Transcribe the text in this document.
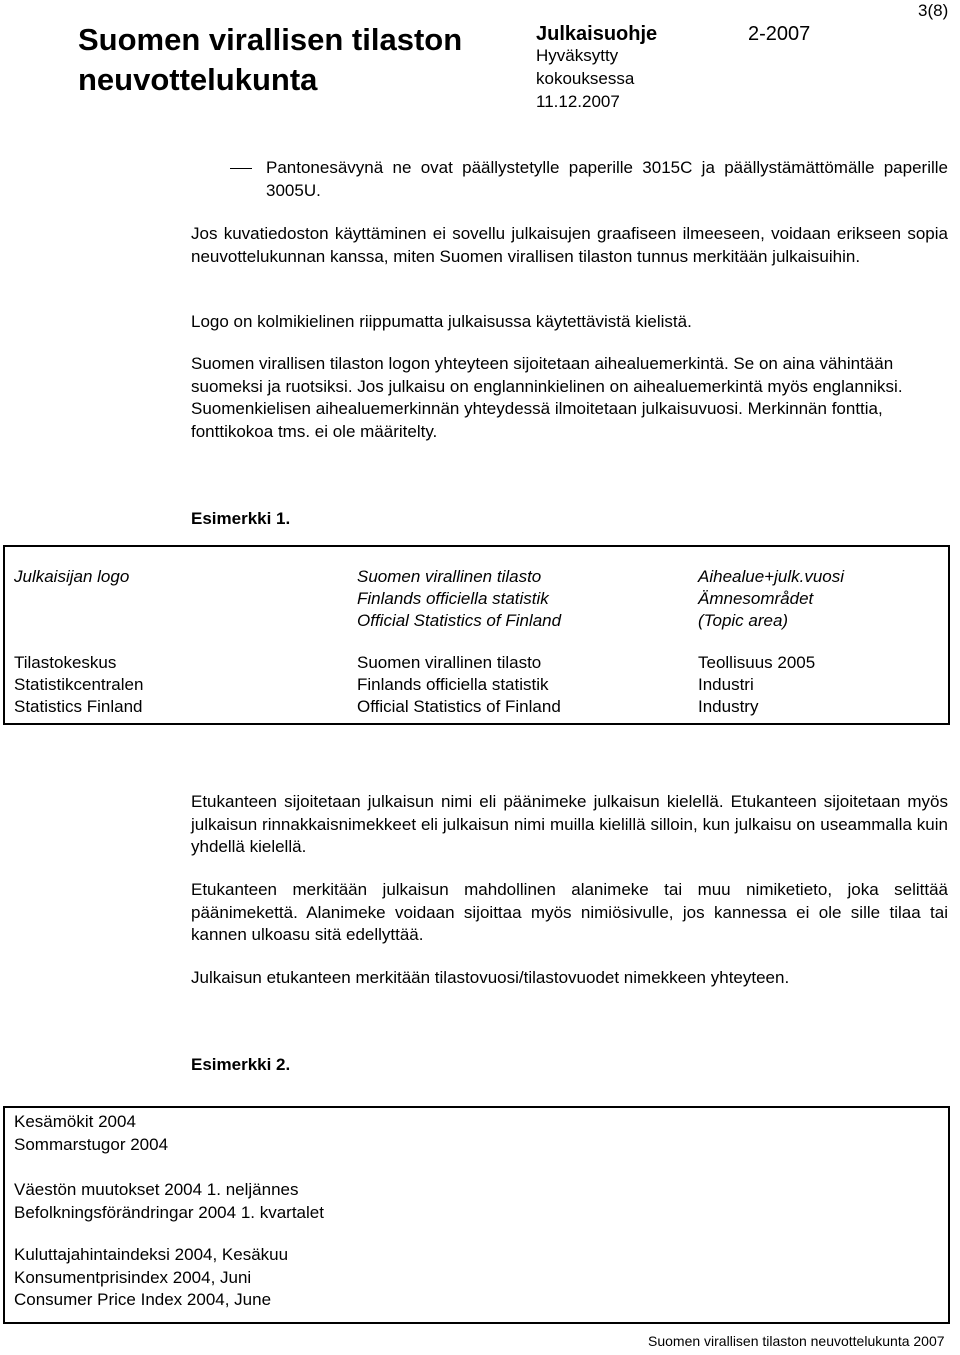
Suomen virallisen tilaston neuvottelukunta
Julkaisuohje
Hyväksytty kokouksessa 11.12.2007
2-2007
3(8)
Pantonesävynä ne ovat päällystetylle paperille 3015C ja päällystämättömälle paperille 3005U.
Jos kuvatiedoston käyttäminen ei sovellu julkaisujen graafiseen ilmeeseen, voidaan erikseen sopia neuvottelukunnan kanssa, miten Suomen virallisen tilaston tunnus merkitään julkaisuihin.
Logo on kolmikielinen riippumatta julkaisussa käytettävistä kielistä.
Suomen virallisen tilaston logon yhteyteen sijoitetaan aihealuemerkintä. Se on aina vähintään suomeksi ja ruotsiksi. Jos julkaisu on englanninkielinen on aihealuemerkintä myös englanniksi. Suomenkielisen aihealuemerkinnän yhteydessä ilmoitetaan julkaisuvuosi. Merkinnän fonttia, fonttikokoa tms. ei ole määritelty.
Esimerkki 1.
Julkaisijan logo	Suomen virallinen tilasto
Finlands officiella statistik
Official Statistics of Finland
Aihealue+julk.vuosi
Ämnesområdet
(Topic area)
Tilastokeskus
Statistikcentralen
Statistics Finland
Suomen virallinen tilasto
Finlands officiella statistik
Official Statistics of Finland
Teollisuus 2005
Industri
Industry
Etukanteen sijoitetaan julkaisun nimi eli päänimeke julkaisun kielellä. Etukanteen sijoitetaan myös julkaisun rinnakkaisnimekkeet eli julkaisun nimi muilla kielillä silloin, kun julkaisu on useammalla kuin yhdellä kielellä.
Etukanteen merkitään julkaisun mahdollinen alanimeke tai muu nimiketieto, joka selittää päänimekettä. Alanimeke voidaan sijoittaa myös nimiösivulle, jos kannessa ei ole sille tilaa tai kannen ulkoasu sitä edellyttää.
Julkaisun etukanteen merkitään tilastovuosi/tilastovuodet nimekkeen yhteyteen.
Esimerkki 2.
Kesämökit 2004
Sommarstugor 2004
Väestön muutokset 2004 1. neljännes
Befolkningsförändringar 2004 1. kvartalet
Kuluttajahintaindeksi 2004, Kesäkuu
Konsumentprisindex 2004, Juni
Consumer Price Index 2004, June
Suomen virallisen tilaston neuvottelukunta 2007
